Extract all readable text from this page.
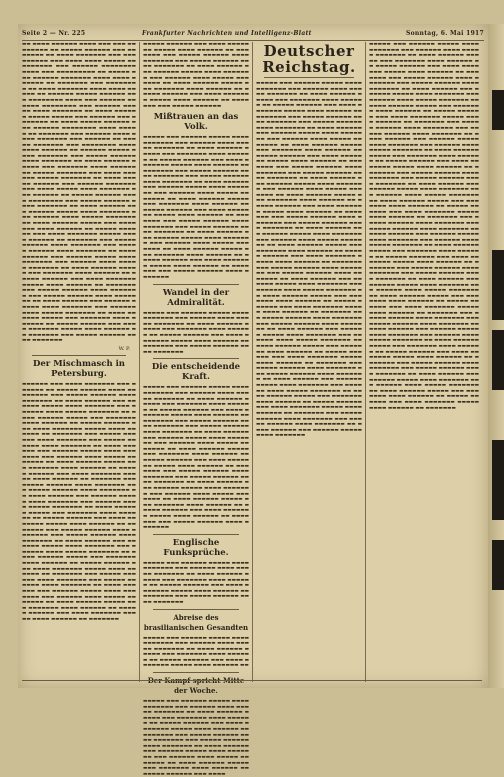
Seite 2 — Nr. 225	Frankfurter Nachrichten und Intelligenz-Blatt	Sonntag, 6. Mai 1917

▬▬ ▬▬▬▬ ▬▬▬▬▬▬ ▬▬▬▬ ▬▬▬ ▬▬▬ ▬▬▬▬▬▬▬▬ ▬▬ ▬▬▬▬▬ ▬▬▬▬▬▬ ▬▬▬ ▬▬▬▬▬▬▬ ▬▬ ▬▬▬▬ ▬▬▬▬▬▬▬ ▬▬▬ ▬▬▬▬▬▬▬▬▬ ▬▬▬ ▬▬▬▬ ▬▬▬▬ ▬▬▬▬▬ ▬▬ ▬▬▬▬▬▬▬ ▬▬▬ ▬▬▬▬▬▬ ▬▬▬▬▬▬▬▬ ▬▬▬▬ ▬▬▬ ▬▬▬▬▬▬▬▬▬ ▬▬ ▬▬▬▬▬ ▬▬▬ ▬▬▬▬▬▬ ▬▬▬▬▬▬▬ ▬▬▬▬ ▬▬▬▬ ▬▬▬▬▬▬ ▬▬ ▬▬▬▬▬▬▬ ▬▬▬ ▬▬▬▬▬▬▬▬ ▬▬ ▬▬▬▬ ▬▬▬▬▬▬▬ ▬▬▬▬ ▬▬▬▬ ▬▬▬▬▬ ▬▬ ▬▬▬▬▬▬ ▬▬▬▬▬ ▬▬▬▬▬▬ ▬▬▬ ▬▬▬▬▬▬▬▬ ▬▬▬▬ ▬▬▬ ▬▬▬▬▬▬ ▬▬ ▬▬▬▬ ▬▬▬▬▬▬▬▬ ▬▬▬ ▬▬▬▬▬▬ ▬▬▬▬▬ ▬▬▬▬ ▬▬▬▬▬▬▬ ▬▬ ▬▬▬▬ ▬▬▬▬▬▬ ▬▬▬▬▬ ▬▬▬▬▬ ▬▬▬ ▬▬▬▬▬▬ ▬▬▬ ▬▬▬▬▬▬▬ ▬▬ ▬▬▬▬ ▬▬▬▬▬ ▬▬▬▬▬▬ ▬▬▬ ▬▬▬▬▬▬ ▬▬▬▬▬▬▬▬ ▬▬▬▬ ▬▬▬▬▬ ▬▬ ▬▬▬▬▬▬▬ ▬▬▬ ▬▬▬▬▬▬ ▬▬▬▬ ▬▬▬▬ ▬▬▬▬▬▬▬ ▬▬▬ ▬▬▬▬▬▬ ▬▬ ▬▬▬▬▬ ▬▬▬▬▬▬▬ ▬▬▬ ▬▬▬▬▬▬▬▬ ▬▬▬▬ ▬▬▬▬ ▬▬▬▬▬▬ ▬▬ ▬▬▬▬▬▬ ▬▬▬▬▬ ▬▬▬▬ ▬▬▬▬▬▬▬ ▬▬▬ ▬▬▬▬▬ ▬▬▬▬▬▬ ▬▬▬▬ ▬▬▬▬▬▬▬ ▬▬ ▬▬▬▬ ▬▬▬▬▬▬ ▬▬▬▬▬ ▬▬▬ ▬▬▬▬▬▬▬ ▬▬▬▬ ▬▬▬▬▬▬ ▬▬ ▬▬▬▬▬ ▬▬▬▬▬▬▬ ▬▬▬ ▬▬▬▬ ▬▬▬▬▬▬ ▬▬▬▬▬ ▬▬▬▬▬▬▬ ▬▬ ▬▬▬▬ ▬▬▬▬▬ ▬▬▬▬▬▬ ▬▬▬ ▬▬▬▬▬▬ ▬▬▬▬▬▬▬ ▬▬▬ ▬▬▬▬ ▬▬▬▬▬ ▬▬▬▬ ▬▬▬▬▬▬▬ ▬▬▬ ▬▬▬▬▬▬ ▬▬ ▬▬▬▬▬ ▬▬▬▬▬▬ ▬▬▬▬ ▬▬▬▬▬▬▬▬ ▬▬▬ ▬▬▬▬▬ ▬▬▬▬▬▬ ▬▬▬▬ ▬▬▬▬▬▬▬ ▬▬ ▬▬▬▬ ▬▬▬▬▬▬ ▬▬▬ ▬▬▬▬▬▬ ▬▬▬▬▬ ▬▬▬▬ ▬▬▬▬▬▬▬ ▬▬▬ ▬▬▬▬▬▬ ▬▬▬▬ ▬▬▬▬▬ ▬▬▬▬▬▬▬ ▬▬ ▬▬▬▬ ▬▬▬▬▬▬ ▬▬▬▬▬ ▬▬▬ ▬▬▬▬▬▬▬ ▬▬▬▬ ▬▬▬▬▬▬ ▬▬ ▬▬▬▬▬ ▬▬▬▬▬▬ ▬▬▬ ▬▬▬▬ ▬▬▬▬▬▬▬ ▬▬▬▬▬ ▬▬▬▬ ▬▬▬▬▬▬ ▬▬ ▬▬▬▬▬▬▬ ▬▬▬ ▬▬▬▬▬ ▬▬▬▬▬▬ ▬▬▬▬ ▬▬▬▬▬▬▬ ▬▬▬ ▬▬▬▬▬ ▬▬▬▬▬▬ ▬▬▬▬ ▬▬▬▬▬▬▬ ▬▬ ▬▬▬▬ ▬▬▬▬▬▬ ▬▬▬ ▬▬▬▬▬▬ ▬▬▬▬▬ ▬▬▬▬ ▬▬▬▬▬▬▬ ▬▬▬ ▬▬▬▬▬▬ ▬▬▬▬ ▬▬▬▬▬ ▬▬▬▬▬▬▬ ▬▬ ▬▬▬▬ ▬▬▬▬▬▬ ▬▬▬▬▬ ▬▬▬ ▬▬▬▬▬▬▬ ▬▬▬▬ ▬▬▬▬▬▬ ▬▬ ▬▬▬▬▬ ▬▬▬▬▬▬ ▬▬▬ ▬▬▬▬ ▬▬▬▬▬▬▬ ▬▬▬▬▬ ▬▬▬▬ ▬▬▬▬▬▬ ▬▬ ▬▬▬▬▬▬▬ ▬▬▬ ▬▬▬▬▬ ▬▬▬▬▬▬ ▬▬▬▬ ▬▬▬▬▬▬▬ ▬▬▬ ▬▬▬▬▬ ▬▬▬▬▬▬ ▬▬▬▬ ▬▬▬▬▬▬▬ ▬▬ ▬▬▬▬ ▬▬▬▬▬▬ ▬▬▬ ▬▬▬▬▬▬ ▬▬▬▬▬ ▬▬▬▬ ▬▬▬▬▬▬▬ ▬▬▬ ▬▬▬▬▬▬ ▬▬▬▬ ▬▬▬▬▬ ▬▬▬▬▬▬▬ ▬▬ ▬▬▬▬ ▬▬▬▬▬▬ ▬▬▬▬▬ ▬▬▬ ▬▬▬▬▬▬▬ ▬▬▬▬ ▬▬▬▬▬▬ ▬▬ ▬▬▬▬▬ ▬▬▬▬▬▬ ▬▬▬ ▬▬▬▬ ▬▬▬▬▬▬▬ ▬▬▬▬▬ ▬▬▬▬ ▬▬▬▬▬▬ ▬▬ ▬▬▬▬▬▬▬ ▬▬▬ ▬▬▬▬▬ ▬▬▬▬▬▬ ▬▬▬▬ ▬▬▬▬▬▬▬

W. P.
Der Mischmasch in Petersburg.

▬▬▬▬▬▬ ▬▬▬ ▬▬▬▬ ▬▬▬▬▬▬▬ ▬▬▬ ▬▬▬▬▬▬ ▬▬ ▬▬▬▬▬ ▬▬▬▬▬▬ ▬▬▬▬ ▬▬▬▬▬▬▬▬ ▬▬▬ ▬▬▬▬▬ ▬▬▬▬▬▬ ▬▬▬▬ ▬▬▬▬▬▬▬ ▬▬ ▬▬▬▬ ▬▬▬▬▬▬ ▬▬▬ ▬▬▬▬▬▬ ▬▬▬▬▬ ▬▬▬▬ ▬▬▬▬▬▬▬ ▬▬▬ ▬▬▬▬▬▬ ▬▬▬▬ ▬▬▬▬▬ ▬▬▬▬▬▬▬ ▬▬ ▬▬▬▬ ▬▬▬▬▬▬ ▬▬▬▬▬ ▬▬▬ ▬▬▬▬▬▬▬ ▬▬▬▬ ▬▬▬▬▬▬ ▬▬ ▬▬▬▬▬ ▬▬▬▬▬▬ ▬▬▬ ▬▬▬▬ ▬▬▬▬▬▬▬ ▬▬▬▬▬ ▬▬▬▬ ▬▬▬▬▬▬ ▬▬ ▬▬▬▬▬▬▬ ▬▬▬ ▬▬▬▬▬ ▬▬▬▬▬▬ ▬▬▬▬ ▬▬▬▬▬▬▬ ▬▬▬ ▬▬▬▬▬ ▬▬▬▬▬▬ ▬▬▬▬ ▬▬▬▬▬▬▬ ▬▬ ▬▬▬▬ ▬▬▬▬▬▬ ▬▬▬ ▬▬▬▬▬▬ ▬▬▬▬▬ ▬▬▬▬ ▬▬▬▬▬▬▬ ▬▬▬ ▬▬▬▬▬▬ ▬▬▬▬ ▬▬▬▬▬ ▬▬▬▬▬▬▬ ▬▬ ▬▬▬▬ ▬▬▬▬▬▬ ▬▬▬▬▬ ▬▬▬ ▬▬▬▬▬▬▬ ▬▬▬▬ ▬▬▬▬▬▬ ▬▬ ▬▬▬▬▬ ▬▬▬▬▬▬ ▬▬▬ ▬▬▬▬ ▬▬▬▬▬▬▬ ▬▬▬▬▬ ▬▬▬▬ ▬▬▬▬▬▬ ▬▬ ▬▬▬▬▬▬▬ ▬▬▬ ▬▬▬▬▬ ▬▬▬▬▬▬ ▬▬▬▬ ▬▬▬▬▬▬▬ ▬▬▬ ▬▬▬▬▬ ▬▬▬▬▬▬ ▬▬▬▬ ▬▬▬▬▬▬▬ ▬▬ ▬▬▬▬ ▬▬▬▬▬▬ ▬▬▬ ▬▬▬▬▬▬ ▬▬▬▬▬ ▬▬▬▬ ▬▬▬▬▬▬▬ ▬▬▬ ▬▬▬▬▬▬ ▬▬▬▬ ▬▬▬▬▬ ▬▬▬▬▬▬▬ ▬▬ ▬▬▬▬ ▬▬▬▬▬▬ ▬▬▬▬▬ ▬▬▬ ▬▬▬▬▬▬▬ ▬▬▬▬ ▬▬▬▬▬▬ ▬▬ ▬▬▬▬▬ ▬▬▬▬▬▬ ▬▬▬ ▬▬▬▬ ▬▬▬▬▬▬▬ ▬▬▬▬▬ ▬▬▬▬ ▬▬▬▬▬▬ ▬▬ ▬▬▬▬▬▬▬ ▬▬▬ ▬▬▬▬▬ ▬▬▬▬▬▬ ▬▬▬▬ ▬▬▬▬▬▬▬ ▬▬▬ ▬▬▬▬▬ ▬▬▬▬▬▬ ▬▬▬▬ ▬▬▬▬▬▬▬ ▬▬ ▬▬▬▬ ▬▬▬▬▬▬ ▬▬▬ ▬▬▬▬▬▬ ▬▬▬▬▬ ▬▬▬▬ ▬▬▬▬▬▬▬ ▬▬▬ ▬▬▬▬▬▬ ▬▬▬▬ ▬▬▬▬▬ ▬▬▬▬▬▬▬ ▬▬ ▬▬▬▬ ▬▬▬▬▬▬ ▬▬▬▬▬ ▬▬▬ ▬▬▬▬▬▬▬ ▬▬▬▬ ▬▬▬▬▬▬ ▬▬ ▬▬▬▬▬ ▬▬▬▬▬▬ ▬▬▬ ▬▬▬▬ ▬▬▬▬▬▬▬ ▬▬▬▬▬ ▬▬▬▬ ▬▬▬▬▬▬ ▬▬ ▬▬▬▬▬▬▬ ▬▬▬ ▬▬▬▬▬ ▬▬▬▬▬▬ ▬▬▬▬ ▬▬▬▬▬▬▬ ▬▬▬ ▬▬▬▬▬ ▬▬▬▬▬▬ ▬▬▬▬ ▬▬▬▬▬▬▬ ▬▬ ▬▬▬▬ ▬▬▬▬▬▬ ▬▬▬ ▬▬▬▬▬▬ ▬▬▬▬▬ ▬▬▬▬ ▬▬▬▬▬▬▬ ▬▬▬ ▬▬▬▬▬▬ ▬▬▬▬ ▬▬▬▬▬ ▬▬▬▬▬▬▬ ▬▬ ▬▬▬▬ ▬▬▬▬▬▬ ▬▬▬▬▬ ▬▬▬ ▬▬▬▬▬▬▬ ▬▬▬▬ ▬▬▬▬▬▬ ▬▬ ▬▬▬▬▬ ▬▬▬▬▬▬ ▬▬▬ ▬▬▬▬ ▬▬▬▬▬▬▬ ▬▬▬▬▬ ▬▬▬▬ ▬▬▬▬▬▬ ▬▬ ▬▬▬▬▬▬▬

▬▬▬▬▬ ▬▬▬▬▬▬ ▬▬▬ ▬▬▬▬ ▬▬▬▬▬▬▬ ▬▬▬▬▬ ▬▬▬▬ ▬▬▬▬▬▬ ▬▬ ▬▬▬▬▬▬▬ ▬▬▬ ▬▬▬▬▬ ▬▬▬▬▬▬ ▬▬▬▬ ▬▬▬▬▬▬▬ ▬▬▬ ▬▬▬▬▬ ▬▬▬▬▬▬ ▬▬▬▬ ▬▬▬▬▬▬▬ ▬▬ ▬▬▬▬ ▬▬▬▬▬▬ ▬▬▬ ▬▬▬▬▬▬ ▬▬▬▬▬ ▬▬▬▬ ▬▬▬▬▬▬▬ ▬▬▬ ▬▬▬▬▬▬ ▬▬▬▬ ▬▬▬▬▬ ▬▬▬▬▬▬▬ ▬▬ ▬▬▬▬ ▬▬▬▬▬▬ ▬▬▬▬▬ ▬▬▬ ▬▬▬▬▬▬▬ ▬▬▬▬ ▬▬▬▬▬▬ ▬▬ ▬▬▬▬▬ ▬▬▬▬▬▬ ▬▬▬ ▬▬▬▬ ▬▬▬▬▬▬▬ ▬▬▬▬▬ ▬▬▬▬ ▬▬▬▬▬▬ ▬▬ ▬▬▬▬▬▬▬ ▬▬▬ ▬▬▬▬▬ ▬▬▬▬▬▬

Mißtrauen an das Volk.

▬▬▬▬▬ ▬▬▬ ▬▬▬▬▬▬ ▬▬▬▬▬ ▬▬▬▬ ▬▬▬▬▬▬▬ ▬▬▬ ▬▬▬▬▬▬ ▬▬▬▬ ▬▬▬▬▬ ▬▬▬▬▬▬▬ ▬▬ ▬▬▬▬ ▬▬▬▬▬▬ ▬▬▬▬▬ ▬▬▬ ▬▬▬▬▬▬▬ ▬▬▬▬ ▬▬▬▬▬▬ ▬▬ ▬▬▬▬▬ ▬▬▬▬▬▬ ▬▬▬ ▬▬▬▬ ▬▬▬▬▬▬▬ ▬▬▬▬▬ ▬▬▬▬ ▬▬▬▬▬▬ ▬▬ ▬▬▬▬▬▬▬ ▬▬▬ ▬▬▬▬▬ ▬▬▬▬▬▬ ▬▬▬▬ ▬▬▬▬▬▬▬ ▬▬▬ ▬▬▬▬▬ ▬▬▬▬▬▬ ▬▬▬▬ ▬▬▬▬▬▬▬ ▬▬ ▬▬▬▬ ▬▬▬▬▬▬ ▬▬▬ ▬▬▬▬▬▬ ▬▬▬▬▬ ▬▬▬▬ ▬▬▬▬▬▬▬ ▬▬▬ ▬▬▬▬▬▬ ▬▬▬▬ ▬▬▬▬▬ ▬▬▬▬▬▬▬ ▬▬ ▬▬▬▬ ▬▬▬▬▬▬ ▬▬▬▬▬ ▬▬▬ ▬▬▬▬▬▬▬ ▬▬▬▬ ▬▬▬▬▬▬ ▬▬ ▬▬▬▬▬ ▬▬▬▬▬▬ ▬▬▬ ▬▬▬▬ ▬▬▬▬▬▬▬ ▬▬▬▬▬ ▬▬▬▬ ▬▬▬▬▬▬ ▬▬ ▬▬▬▬▬▬▬ ▬▬▬ ▬▬▬▬▬ ▬▬▬▬▬▬ ▬▬▬▬ ▬▬▬▬▬▬▬ ▬▬▬ ▬▬▬▬▬ ▬▬▬▬▬▬ ▬▬▬▬ ▬▬▬▬▬▬▬ ▬▬ ▬▬▬▬ ▬▬▬▬▬▬ ▬▬▬ ▬▬▬▬▬▬ ▬▬▬▬▬ ▬▬▬▬ ▬▬▬▬▬▬▬ ▬▬▬ ▬▬▬▬▬▬ ▬▬▬▬ ▬▬▬▬▬ ▬▬▬▬▬▬▬ ▬▬ ▬▬▬▬ ▬▬▬▬▬▬ ▬▬▬▬▬ ▬▬▬ ▬▬▬▬▬▬▬ ▬▬▬▬ ▬▬▬▬▬▬ ▬▬ ▬▬▬▬▬ ▬▬▬▬▬▬ ▬▬▬ ▬▬▬▬ ▬▬▬▬▬▬▬ ▬▬▬▬▬ ▬▬▬▬ ▬▬▬▬▬▬ ▬▬ ▬▬▬▬▬▬▬ ▬▬▬ ▬▬▬▬▬ ▬▬▬▬▬▬ ▬▬▬▬ ▬▬▬▬▬▬▬

Wandel in der Admiralität.

▬▬▬▬▬ ▬▬▬ ▬▬▬▬▬▬ ▬▬▬▬▬ ▬▬▬▬ ▬▬▬▬▬▬▬ ▬▬▬ ▬▬▬▬▬▬ ▬▬▬▬ ▬▬▬▬▬ ▬▬▬▬▬▬▬ ▬▬ ▬▬▬▬ ▬▬▬▬▬▬ ▬▬▬▬▬ ▬▬▬ ▬▬▬▬▬▬▬ ▬▬▬▬ ▬▬▬▬▬▬ ▬▬ ▬▬▬▬▬ ▬▬▬▬▬▬ ▬▬▬ ▬▬▬▬ ▬▬▬▬▬▬▬ ▬▬▬▬▬ ▬▬▬▬ ▬▬▬▬▬▬ ▬▬ ▬▬▬▬▬▬▬ ▬▬▬ ▬▬▬▬▬ ▬▬▬▬▬▬ ▬▬▬▬ ▬▬▬▬▬▬▬

Die entscheidende Kraft.

▬▬▬▬▬ ▬▬▬ ▬▬▬▬▬▬ ▬▬▬▬▬ ▬▬▬▬ ▬▬▬▬▬▬▬ ▬▬▬ ▬▬▬▬▬▬ ▬▬▬▬ ▬▬▬▬▬ ▬▬▬▬▬▬▬ ▬▬ ▬▬▬▬ ▬▬▬▬▬▬ ▬▬▬▬▬ ▬▬▬ ▬▬▬▬▬▬▬ ▬▬▬▬ ▬▬▬▬▬▬ ▬▬ ▬▬▬▬▬ ▬▬▬▬▬▬ ▬▬▬ ▬▬▬▬ ▬▬▬▬▬▬▬ ▬▬▬▬▬ ▬▬▬▬ ▬▬▬▬▬▬ ▬▬ ▬▬▬▬▬▬▬ ▬▬▬ ▬▬▬▬▬ ▬▬▬▬▬▬ ▬▬▬▬ ▬▬▬▬▬▬▬ ▬▬▬ ▬▬▬▬▬ ▬▬▬▬▬▬ ▬▬▬▬ ▬▬▬▬▬▬▬ ▬▬ ▬▬▬▬ ▬▬▬▬▬▬ ▬▬▬ ▬▬▬▬▬▬ ▬▬▬▬▬ ▬▬▬▬ ▬▬▬▬▬▬▬ ▬▬▬ ▬▬▬▬▬▬ ▬▬▬▬ ▬▬▬▬▬ ▬▬▬▬▬▬▬ ▬▬ ▬▬▬▬ ▬▬▬▬▬▬ ▬▬▬▬▬ ▬▬▬ ▬▬▬▬▬▬▬ ▬▬▬▬ ▬▬▬▬▬▬ ▬▬ ▬▬▬▬▬ ▬▬▬▬▬▬ ▬▬▬ ▬▬▬▬ ▬▬▬▬▬▬▬ ▬▬▬▬▬ ▬▬▬▬ ▬▬▬▬▬▬ ▬▬ ▬▬▬▬▬▬▬ ▬▬▬ ▬▬▬▬▬ ▬▬▬▬▬▬ ▬▬▬▬ ▬▬▬▬▬▬▬ ▬▬▬ ▬▬▬▬▬ ▬▬▬▬▬▬ ▬▬▬▬ ▬▬▬▬▬▬▬ ▬▬ ▬▬▬▬ ▬▬▬▬▬▬ ▬▬▬ ▬▬▬▬▬▬ ▬▬▬▬▬ ▬▬▬▬ ▬▬▬▬▬▬▬ ▬▬▬ ▬▬▬▬▬▬ ▬▬▬▬ ▬▬▬▬▬ ▬▬▬▬▬▬▬ ▬▬ ▬▬▬▬ ▬▬▬▬▬▬ ▬▬▬▬▬ ▬▬▬ ▬▬▬▬▬▬▬ ▬▬▬▬ ▬▬▬▬▬▬ ▬▬ ▬▬▬▬▬ ▬▬▬▬▬▬ ▬▬▬ ▬▬▬▬ ▬▬▬▬▬▬▬ ▬▬▬▬▬ ▬▬▬▬ ▬▬▬▬▬▬ ▬▬ ▬▬▬▬▬▬▬ ▬▬▬ ▬▬▬▬▬ ▬▬▬▬▬▬ ▬▬▬▬ ▬▬▬▬▬▬▬

Englische Funksprüche.

▬▬▬▬▬ ▬▬▬ ▬▬▬▬▬▬ ▬▬▬▬▬ ▬▬▬▬ ▬▬▬▬▬▬▬ ▬▬▬ ▬▬▬▬▬▬ ▬▬▬▬ ▬▬▬▬▬ ▬▬▬▬▬▬▬ ▬▬ ▬▬▬▬ ▬▬▬▬▬▬ ▬▬▬▬▬ ▬▬▬ ▬▬▬▬▬▬▬ ▬▬▬▬ ▬▬▬▬▬▬ ▬▬ ▬▬▬▬▬ ▬▬▬▬▬▬ ▬▬▬ ▬▬▬▬ ▬▬▬▬▬▬▬ ▬▬▬▬▬ ▬▬▬▬ ▬▬▬▬▬▬ ▬▬ ▬▬▬▬▬▬▬ ▬▬▬ ▬▬▬▬▬ ▬▬▬▬▬▬ ▬▬▬▬ ▬▬▬▬▬▬▬

Abreise des brasilianischen Gesandten

▬▬▬▬▬ ▬▬▬ ▬▬▬▬▬▬ ▬▬▬▬▬ ▬▬▬▬ ▬▬▬▬▬▬▬ ▬▬▬ ▬▬▬▬▬▬ ▬▬▬▬ ▬▬▬▬▬ ▬▬▬▬▬▬▬ ▬▬ ▬▬▬▬ ▬▬▬▬▬▬ ▬▬▬▬▬ ▬▬▬ ▬▬▬▬▬▬▬ ▬▬▬▬ ▬▬▬▬▬▬ ▬▬ ▬▬▬▬▬ ▬▬▬▬▬▬ ▬▬▬ ▬▬▬▬ ▬▬▬▬▬▬▬ ▬▬▬▬▬ ▬▬▬▬ ▬▬▬▬▬▬ ▬▬

der Woche.

▬▬▬▬▬ ▬▬▬ ▬▬▬▬▬▬ ▬▬▬▬▬ ▬▬▬▬ ▬▬▬▬▬▬▬ ▬▬▬ ▬▬▬▬▬▬ ▬▬▬▬ ▬▬▬▬▬ ▬▬▬▬▬▬▬ ▬▬ ▬▬▬▬ ▬▬▬▬▬▬ ▬▬▬▬▬ ▬▬▬ ▬▬▬▬▬▬▬ ▬▬▬▬ ▬▬▬▬▬▬ ▬▬ ▬▬▬▬▬ ▬▬▬▬▬▬ ▬▬▬ ▬▬▬▬ ▬▬▬▬▬▬▬ ▬▬▬▬▬ ▬▬▬▬ ▬▬▬▬▬▬ ▬▬ ▬▬▬▬▬▬▬ ▬▬▬ ▬▬▬▬▬ ▬▬▬▬▬▬ ▬▬▬▬ ▬▬▬▬▬▬▬ ▬▬▬ ▬▬▬▬▬ ▬▬▬▬▬▬ ▬▬▬▬ ▬▬▬▬▬▬▬ ▬▬ ▬▬▬▬ ▬▬▬▬▬▬ ▬▬▬ ▬▬▬▬▬▬ ▬▬▬▬▬ ▬▬▬▬ ▬▬▬▬▬▬▬ ▬▬▬ ▬▬▬▬▬▬ ▬▬▬▬ ▬▬▬▬▬ ▬▬▬▬▬▬▬ ▬▬ ▬▬▬▬ ▬▬▬▬▬▬ ▬▬▬▬▬ ▬▬▬ ▬▬▬▬▬▬▬ ▬▬▬▬ ▬▬▬▬▬▬ ▬▬ ▬▬▬▬▬ ▬▬▬▬▬▬ ▬▬▬ ▬▬▬▬

Deutscher Reichstag.

▬▬▬▬▬ ▬▬▬ ▬▬▬▬▬▬ ▬▬▬▬▬ ▬▬▬▬ ▬▬▬▬▬▬▬ ▬▬▬ ▬▬▬▬▬▬ ▬▬▬▬ ▬▬▬▬▬ ▬▬▬▬▬▬▬ ▬▬ ▬▬▬▬ ▬▬▬▬▬▬ ▬▬▬▬▬ ▬▬▬ ▬▬▬▬▬▬▬ ▬▬▬▬ ▬▬▬▬▬▬ ▬▬ ▬▬▬▬▬ ▬▬▬▬▬▬ ▬▬▬ ▬▬▬▬ ▬▬▬▬▬▬▬ ▬▬▬▬▬ ▬▬▬▬ ▬▬▬▬▬▬ ▬▬ ▬▬▬▬▬▬▬ ▬▬▬ ▬▬▬▬▬ ▬▬▬▬▬▬ ▬▬▬▬ ▬▬▬▬▬▬▬ ▬▬▬ ▬▬▬▬▬ ▬▬▬▬▬▬ ▬▬▬▬ ▬▬▬▬▬▬▬ ▬▬ ▬▬▬▬ ▬▬▬▬▬▬ ▬▬▬ ▬▬▬▬▬▬ ▬▬▬▬▬ ▬▬▬▬ ▬▬▬▬▬▬▬ ▬▬▬ ▬▬▬▬▬▬ ▬▬▬▬ ▬▬▬▬▬ ▬▬▬▬▬▬▬ ▬▬ ▬▬▬▬ ▬▬▬▬▬▬ ▬▬▬▬▬ ▬▬▬ ▬▬▬▬▬▬▬ ▬▬▬▬ ▬▬▬▬▬▬ ▬▬ ▬▬▬▬▬ ▬▬▬▬▬▬ ▬▬▬ ▬▬▬▬ ▬▬▬▬▬▬▬ ▬▬▬▬▬ ▬▬▬▬ ▬▬▬▬▬▬ ▬▬ ▬▬▬▬▬▬▬ ▬▬▬ ▬▬▬▬▬ ▬▬▬▬▬▬ ▬▬▬▬ ▬▬▬▬▬▬▬ ▬▬▬ ▬▬▬▬▬ ▬▬▬▬▬▬ ▬▬▬▬ ▬▬▬▬▬▬▬ ▬▬ ▬▬▬▬ ▬▬▬▬▬▬ ▬▬▬ ▬▬▬▬▬▬ ▬▬▬▬▬ ▬▬▬▬ ▬▬▬▬▬▬▬ ▬▬▬ ▬▬▬▬▬▬ ▬▬▬▬ ▬▬▬▬▬ ▬▬▬▬▬▬▬ ▬▬ ▬▬▬▬ ▬▬▬▬▬▬ ▬▬▬▬▬ ▬▬▬ ▬▬▬▬▬▬▬ ▬▬▬▬ ▬▬▬▬▬▬ ▬▬ ▬▬▬▬▬ ▬▬▬▬▬▬ ▬▬▬ ▬▬▬▬ ▬▬▬▬▬▬▬ ▬▬▬▬▬ ▬▬▬▬ ▬▬▬▬▬▬ ▬▬ ▬▬▬▬▬▬▬ ▬▬▬ ▬▬▬▬▬ ▬▬▬▬▬▬ ▬▬▬▬ ▬▬▬▬▬▬▬ ▬▬▬ ▬▬▬▬▬ ▬▬▬▬▬▬ ▬▬▬▬ ▬▬▬▬▬▬▬ ▬▬ ▬▬▬▬ ▬▬▬▬▬▬ ▬▬▬ ▬▬▬▬▬▬ ▬▬▬▬▬ ▬▬▬▬ ▬▬▬▬▬▬▬ ▬▬▬ ▬▬▬▬▬▬ ▬▬▬▬ ▬▬▬▬▬ ▬▬▬▬▬▬▬ ▬▬ ▬▬▬▬ ▬▬▬▬▬▬ ▬▬▬▬▬ ▬▬▬ ▬▬▬▬▬▬▬ ▬▬▬▬ ▬▬▬▬▬▬ ▬▬ ▬▬▬▬▬ ▬▬▬▬▬▬ ▬▬▬ ▬▬▬▬ ▬▬▬▬▬▬▬ ▬▬▬▬▬ ▬▬▬▬ ▬▬▬▬▬▬ ▬▬ ▬▬▬▬▬▬▬ ▬▬▬ ▬▬▬▬▬ ▬▬▬▬▬▬ ▬▬▬▬ ▬▬▬▬▬▬▬ ▬▬▬ ▬▬▬▬▬ ▬▬▬▬▬▬ ▬▬▬▬ ▬▬▬▬▬▬▬ ▬▬ ▬▬▬▬ ▬▬▬▬▬▬ ▬▬▬ ▬▬▬▬▬▬ ▬▬▬▬▬ ▬▬▬▬ ▬▬▬▬▬▬▬ ▬▬▬ ▬▬▬▬▬▬ ▬▬▬▬ ▬▬▬▬▬ ▬▬▬▬▬▬▬ ▬▬ ▬▬▬▬ ▬▬▬▬▬▬ ▬▬▬▬▬ ▬▬▬ ▬▬▬▬▬▬▬ ▬▬▬▬ ▬▬▬▬▬▬ ▬▬ ▬▬▬▬▬ ▬▬▬▬▬▬ ▬▬▬ ▬▬▬▬ ▬▬▬▬▬▬▬ ▬▬▬▬▬ ▬▬▬▬ ▬▬▬▬▬▬ ▬▬ ▬▬▬▬▬▬▬ ▬▬▬ ▬▬▬▬▬ ▬▬▬▬▬▬ ▬▬▬▬ ▬▬▬▬▬▬▬ ▬▬▬ ▬▬▬▬▬ ▬▬▬▬▬▬ ▬▬▬▬ ▬▬▬▬▬▬▬ ▬▬ ▬▬▬▬ ▬▬▬▬▬▬ ▬▬▬ ▬▬▬▬▬▬ ▬▬▬▬▬ ▬▬▬▬ ▬▬▬▬▬▬▬ ▬▬▬ ▬▬▬▬▬▬ ▬▬▬▬ ▬▬▬▬▬ ▬▬▬▬▬▬▬ ▬▬ ▬▬▬▬ ▬▬▬▬▬▬ ▬▬▬▬▬ ▬▬▬ ▬▬▬▬▬▬▬ ▬▬▬▬ ▬▬▬▬▬▬ ▬▬ ▬▬▬▬▬ ▬▬▬▬▬▬ ▬▬▬ ▬▬▬▬ ▬▬▬▬▬▬▬ ▬▬▬▬▬ ▬▬▬▬ ▬▬▬▬▬▬ ▬▬ ▬▬▬▬▬▬▬ ▬▬▬ ▬▬▬▬▬ ▬▬▬▬▬▬ ▬▬▬▬ ▬▬▬▬▬▬▬ ▬▬▬ ▬▬▬▬▬ ▬▬▬▬▬▬ ▬▬▬▬ ▬▬▬▬▬▬▬ ▬▬ ▬▬▬▬ ▬▬▬▬▬▬ ▬▬▬ ▬▬▬▬▬▬ ▬▬▬▬▬ ▬▬▬▬ ▬▬▬▬▬▬▬ ▬▬▬ ▬▬▬▬▬▬ ▬▬▬▬ ▬▬▬▬▬ ▬▬▬▬▬▬▬ ▬▬ ▬▬▬▬ ▬▬▬▬▬▬ ▬▬▬▬▬ ▬▬▬ ▬▬▬▬▬▬▬ ▬▬▬▬ ▬▬▬▬▬▬ ▬▬ ▬▬▬▬▬ ▬▬▬▬▬▬ ▬▬▬ ▬▬▬▬ ▬▬▬▬▬▬▬ ▬▬▬▬▬ ▬▬▬▬ ▬▬▬▬▬▬ ▬▬ ▬▬▬▬▬▬▬ ▬▬▬ ▬▬▬▬▬ ▬▬▬▬▬▬ ▬▬▬▬ ▬▬▬▬▬▬▬ ▬▬▬ ▬▬▬▬▬ ▬▬▬▬▬▬ ▬▬▬▬ ▬▬▬▬▬▬▬ ▬▬ ▬▬▬▬ ▬▬▬▬▬▬ ▬▬▬ ▬▬▬▬▬▬ ▬▬▬▬▬ ▬▬▬▬ ▬▬▬▬▬▬▬

▬▬▬▬▬ ▬▬▬ ▬▬▬▬▬▬ ▬▬▬▬▬ ▬▬▬▬ ▬▬▬▬▬▬▬ ▬▬▬ ▬▬▬▬▬▬ ▬▬▬▬ ▬▬▬▬▬ ▬▬▬▬▬▬▬ ▬▬ ▬▬▬▬ ▬▬▬▬▬▬ ▬▬▬▬▬ ▬▬▬ ▬▬▬▬▬▬▬ ▬▬▬▬ ▬▬▬▬▬▬ ▬▬ ▬▬▬▬▬ ▬▬▬▬▬▬ ▬▬▬ ▬▬▬▬ ▬▬▬▬▬▬▬ ▬▬▬▬▬ ▬▬▬▬ ▬▬▬▬▬▬ ▬▬ ▬▬▬▬▬▬▬ ▬▬▬ ▬▬▬▬▬ ▬▬▬▬▬▬ ▬▬▬▬ ▬▬▬▬▬▬▬ ▬▬▬ ▬▬▬▬▬ ▬▬▬▬▬▬ ▬▬▬▬ ▬▬▬▬▬▬▬ ▬▬ ▬▬▬▬ ▬▬▬▬▬▬ ▬▬▬ ▬▬▬▬▬▬ ▬▬▬▬▬ ▬▬▬▬ ▬▬▬▬▬▬▬ ▬▬▬ ▬▬▬▬▬▬ ▬▬▬▬ ▬▬▬▬▬ ▬▬▬▬▬▬▬ ▬▬ ▬▬▬▬ ▬▬▬▬▬▬ ▬▬▬▬▬ ▬▬▬ ▬▬▬▬▬▬▬ ▬▬▬▬ ▬▬▬▬▬▬ ▬▬ ▬▬▬▬▬ ▬▬▬▬▬▬ ▬▬▬ ▬▬▬▬ ▬▬▬▬▬▬▬ ▬▬▬▬▬ ▬▬▬▬ ▬▬▬▬▬▬ ▬▬ ▬▬▬▬▬▬▬ ▬▬▬ ▬▬▬▬▬ ▬▬▬▬▬▬ ▬▬▬▬ ▬▬▬▬▬▬▬ ▬▬▬ ▬▬▬▬▬ ▬▬▬▬▬▬ ▬▬▬▬ ▬▬▬▬▬▬▬ ▬▬ ▬▬▬▬ ▬▬▬▬▬▬ ▬▬▬ ▬▬▬▬▬▬ ▬▬▬▬▬ ▬▬▬▬ ▬▬▬▬▬▬▬ ▬▬▬ ▬▬▬▬▬▬ ▬▬▬▬ ▬▬▬▬▬ ▬▬▬▬▬▬▬ ▬▬ ▬▬▬▬ ▬▬▬▬▬▬ ▬▬▬▬▬ ▬▬▬ ▬▬▬▬▬▬▬ ▬▬▬▬ ▬▬▬▬▬▬ ▬▬ ▬▬▬▬▬ ▬▬▬▬▬▬ ▬▬▬ ▬▬▬▬ ▬▬▬▬▬▬▬ ▬▬▬▬▬ ▬▬▬▬ ▬▬▬▬▬▬ ▬▬ ▬▬▬▬▬▬▬ ▬▬▬ ▬▬▬▬▬ ▬▬▬▬▬▬ ▬▬▬▬ ▬▬▬▬▬▬▬ ▬▬▬ ▬▬▬▬▬ ▬▬▬▬▬▬ ▬▬▬▬ ▬▬▬▬▬▬▬ ▬▬ ▬▬▬▬ ▬▬▬▬▬▬ ▬▬▬ ▬▬▬▬▬▬ ▬▬▬▬▬ ▬▬▬▬ ▬▬▬▬▬▬▬ ▬▬▬ ▬▬▬▬▬▬ ▬▬▬▬ ▬▬▬▬▬ ▬▬▬▬▬▬▬ ▬▬ ▬▬▬▬ ▬▬▬▬▬▬ ▬▬▬▬▬ ▬▬▬ ▬▬▬▬▬▬▬ ▬▬▬▬ ▬▬▬▬▬▬ ▬▬ ▬▬▬▬▬ ▬▬▬▬▬▬ ▬▬▬ ▬▬▬▬ ▬▬▬▬▬▬▬ ▬▬▬▬▬ ▬▬▬▬ ▬▬▬▬▬▬ ▬▬ ▬▬▬▬▬▬▬ ▬▬▬ ▬▬▬▬▬ ▬▬▬▬▬▬ ▬▬▬▬ ▬▬▬▬▬▬▬ ▬▬▬ ▬▬▬▬▬ ▬▬▬▬▬▬ ▬▬▬▬ ▬▬▬▬▬▬▬ ▬▬ ▬▬▬▬ ▬▬▬▬▬▬ ▬▬▬ ▬▬▬▬▬▬ ▬▬▬▬▬ ▬▬▬▬ ▬▬▬▬▬▬▬ ▬▬▬ ▬▬▬▬▬▬ ▬▬▬▬ ▬▬▬▬▬ ▬▬▬▬▬▬▬ ▬▬ ▬▬▬▬ ▬▬▬▬▬▬ ▬▬▬▬▬ ▬▬▬ ▬▬▬▬▬▬▬ ▬▬▬▬ ▬▬▬▬▬▬ ▬▬ ▬▬▬▬▬ ▬▬▬▬▬▬ ▬▬▬ ▬▬▬▬ ▬▬▬▬▬▬▬ ▬▬▬▬▬ ▬▬▬▬ ▬▬▬▬▬▬ ▬▬ ▬▬▬▬▬▬▬ ▬▬▬ ▬▬▬▬▬ ▬▬▬▬▬▬ ▬▬▬▬ ▬▬▬▬▬▬▬ ▬▬▬ ▬▬▬▬▬ ▬▬▬▬▬▬ ▬▬▬▬ ▬▬▬▬▬▬▬ ▬▬ ▬▬▬▬ ▬▬▬▬▬▬ ▬▬▬ ▬▬▬▬▬▬ ▬▬▬▬▬ ▬▬▬▬ ▬▬▬▬▬▬▬ ▬▬▬ ▬▬▬▬▬▬ ▬▬▬▬ ▬▬▬▬▬ ▬▬▬▬▬▬▬ ▬▬ ▬▬▬▬ ▬▬▬▬▬▬ ▬▬▬▬▬ ▬▬▬ ▬▬▬▬▬▬▬ ▬▬▬▬ ▬▬▬▬▬▬ ▬▬ ▬▬▬▬▬ ▬▬▬▬▬▬ ▬▬▬ ▬▬▬▬ ▬▬▬▬▬▬▬ ▬▬▬▬▬ ▬▬▬▬ ▬▬▬▬▬▬ ▬▬ ▬▬▬▬▬▬▬ ▬▬▬ ▬▬▬▬▬ ▬▬▬▬▬▬ ▬▬▬▬ ▬▬▬▬▬▬▬ ▬▬▬ ▬▬▬▬▬ ▬▬▬▬▬▬ ▬▬▬▬ ▬▬▬▬▬▬▬ ▬▬ ▬▬▬▬ ▬▬▬▬▬▬ ▬▬▬ ▬▬▬▬▬▬ ▬▬▬▬▬ ▬▬▬▬ ▬▬▬▬▬▬▬ ▬▬▬ ▬▬▬▬▬▬ ▬▬▬▬ ▬▬▬▬▬ ▬▬▬▬▬▬▬ ▬▬ ▬▬▬▬ ▬▬▬▬▬▬ ▬▬▬▬▬ ▬▬▬ ▬▬▬▬▬▬▬ ▬▬▬▬ ▬▬▬▬▬▬ ▬▬ ▬▬▬▬▬ ▬▬▬▬▬▬ ▬▬▬ ▬▬▬▬ ▬▬▬▬▬▬▬ ▬▬▬▬▬ ▬▬▬▬ ▬▬▬▬▬▬ ▬▬ ▬▬▬▬▬▬▬ ▬▬▬ ▬▬▬▬▬ ▬▬▬▬▬▬ ▬▬▬▬ ▬▬▬▬▬▬▬ ▬▬▬ ▬▬▬▬▬ ▬▬▬▬▬▬ ▬▬▬▬ ▬▬▬▬▬▬▬ ▬▬ ▬▬▬▬ ▬▬▬▬▬▬ ▬▬▬ ▬▬▬▬▬▬ ▬▬▬▬▬ ▬▬▬▬ ▬▬▬▬▬▬▬ ▬▬▬ ▬▬▬▬▬▬ ▬▬▬▬ ▬▬▬▬▬ ▬▬▬▬▬▬▬ ▬▬ ▬▬▬▬ ▬▬▬▬▬▬ ▬▬▬▬▬ ▬▬▬ ▬▬▬▬▬▬▬ ▬▬▬▬ ▬▬▬▬▬▬ ▬▬ ▬▬▬▬▬ ▬▬▬▬▬▬ ▬▬▬ ▬▬▬▬ ▬▬▬▬▬▬▬ ▬▬▬▬▬ ▬▬▬▬ ▬▬▬▬▬▬ ▬▬ ▬▬▬▬▬▬▬
